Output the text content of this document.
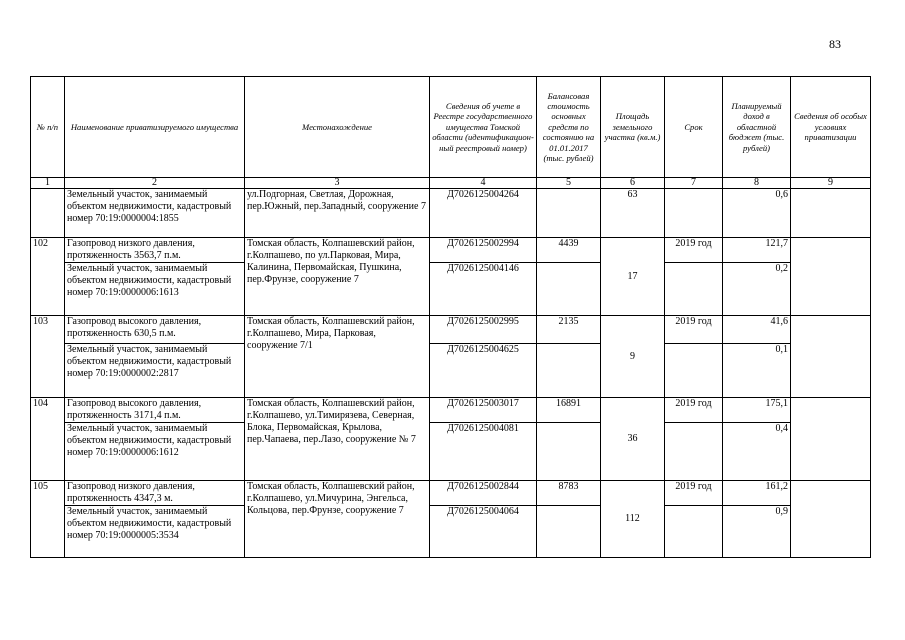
83
№ п/п	Наименование приватизируемого имущества	Местонахождение	Сведения об учете в Реестре государственного имущества Томской области (идентификацион-ный реестровый номер)	Балансовая стоимость основных средств по состоянию на 01.01.2017 (тыс. рублей)	Площадь земельного участка (кв.м.)	Срок	Планируемый доход в областной бюджет (тыс. рублей)	Сведения об особых условиях приватизации
1	2	3	4	5	6	7	8	9
	Земельный участок, занимаемый объектом недвижимости, кадастровый номер 70:19:0000004:1855	ул.Подгорная, Светлая, Дорожная, пер.Южный, пер.Западный, сооружение 7	Д7026125004264		63		0,6	
102	Газопровод низкого давления, протяженность 3563,7 п.м.	Томская область, Колпашевский район, г.Колпашево, по ул.Парковая, Мира, Калинина, Первомайская, Пушкина, пер.Фрунзе, сооружение 7	Д7026125002994	4439	17	2019 год	121,7	
	Земельный участок, занимаемый объектом недвижимости, кадастровый номер 70:19:0000006:1613		Д7026125004146				0,2	
103	Газопровод высокого давления, протяженность 630,5 п.м.	Томская область, Колпашевский район, г.Колпашево, Мира, Парковая, сооружение 7/1	Д7026125002995	2135	9	2019 год	41,6	
	Земельный участок, занимаемый объектом недвижимости, кадастровый номер 70:19:0000002:2817		Д7026125004625				0,1	
104	Газопровод высокого давления, протяженность 3171,4 п.м.	Томская область, Колпашевский район, г.Колпашево, ул.Тимирязева, Северная, Блока, Первомайская, Крылова, пер.Чапаева, пер.Лазо, сооружение № 7	Д7026125003017	16891	36	2019 год	175,1	
	Земельный участок, занимаемый объектом недвижимости, кадастровый номер 70:19:0000006:1612		Д7026125004081				0,4	
105	Газопровод низкого давления, протяженность 4347,3 м.	Томская область, Колпашевский район, г.Колпашево, ул.Мичурина, Энгельса, Кольцова, пер.Фрунзе, сооружение 7	Д7026125002844	8783	112	2019 год	161,2	
	Земельный участок, занимаемый объектом недвижимости, кадастровый номер 70:19:0000005:3534		Д7026125004064				0,9	
